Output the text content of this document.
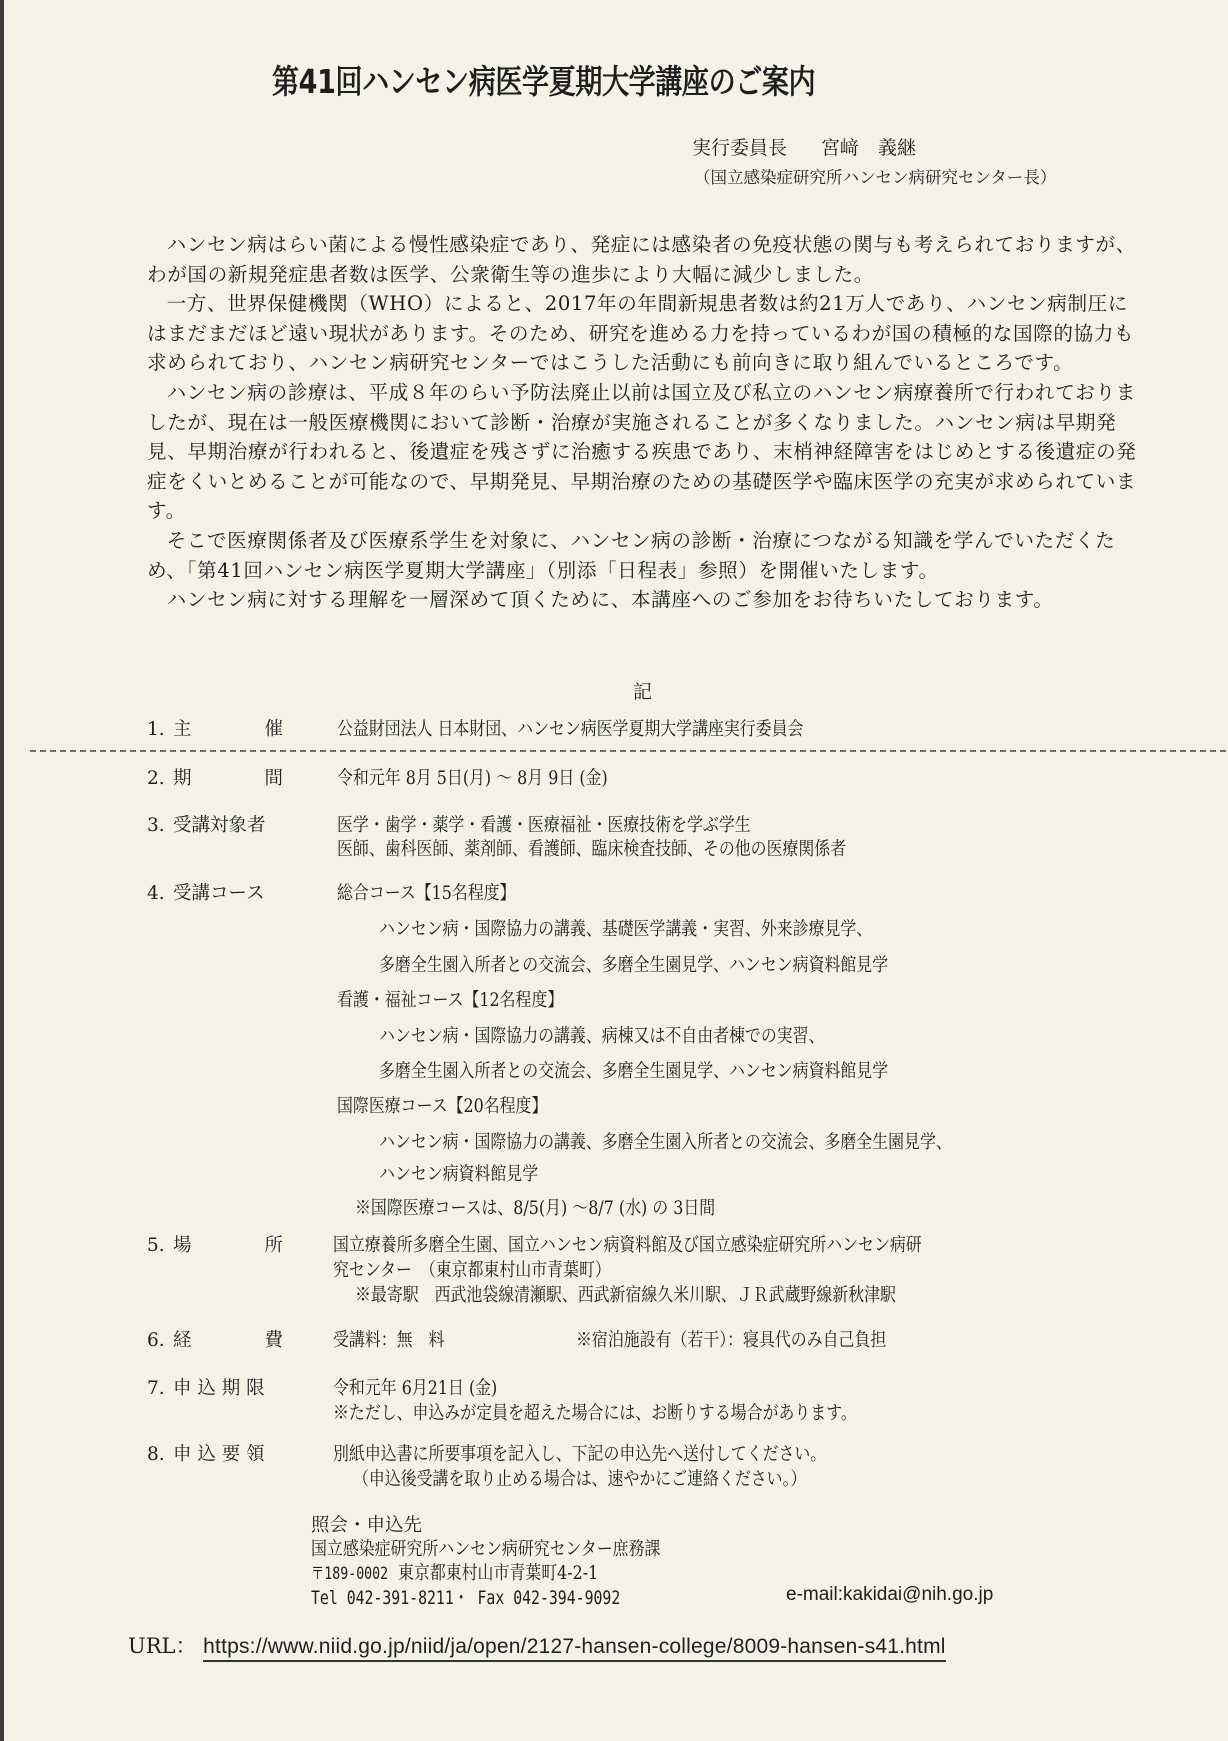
第41回ハンセン病医学夏期大学講座のご案内
実行委員長 宮﨑　義継
（国立感染症研究所ハンセン病研究センター長）

ハンセン病はらい菌による慢性感染症であり、発症には感染者の免疫状態の関与も考えられておりますが、わが国の新規発症患者数は医学、公衆衛生等の進歩により大幅に減少しました。

一方、世界保健機関（WHO）によると、2017年の年間新規患者数は約21万人であり、ハンセン病制圧にはまだまだほど遠い現状があります。そのため、研究を進める力を持っているわが国の積極的な国際的協力も求められており、ハンセン病研究センターではこうした活動にも前向きに取り組んでいるところです。

ハンセン病の診療は、平成８年のらい予防法廃止以前は国立及び私立のハンセン病療養所で行われておりましたが、現在は一般医療機関において診断・治療が実施されることが多くなりました。ハンセン病は早期発見、早期治療が行われると、後遺症を残さずに治癒する疾患であり、末梢神経障害をはじめとする後遺症の発症をくいとめることが可能なので、早期発見、早期治療のための基礎医学や臨床医学の充実が求められています。

そこで医療関係者及び医療系学生を対象に、ハンセン病の診断・治療につながる知識を学んでいただくため、「第41回ハンセン病医学夏期大学講座」（別添「日程表」参照）を開催いたします。

ハンセン病に対する理解を一層深めて頂くために、本講座へのご参加をお待ちいたしております。

記
1. 主	催	公益財団法人 日本財団、ハンセン病医学夏期大学講座実行委員会
2. 期	間	令和元年 8月 5日(月) ～ 8月 9日 (金)
3. 受講対象者	医学・歯学・薬学・看護・医療福祉・医療技術を学ぶ学生
医師、歯科医師、薬剤師、看護師、臨床検査技師、その他の医療関係者
4. 受講コース	総合コース【15名程度】
ハンセン病・国際協力の講義、基礎医学講義・実習、外来診療見学、
多磨全生園入所者との交流会、多磨全生園見学、ハンセン病資料館見学
看護・福祉コース【12名程度】
ハンセン病・国際協力の講義、病棟又は不自由者棟での実習、
多磨全生園入所者との交流会、多磨全生園見学、ハンセン病資料館見学
国際医療コース【20名程度】
ハンセン病・国際協力の講義、多磨全生園入所者との交流会、多磨全生園見学、
ハンセン病資料館見学
※国際医療コースは、8/5(月) ～8/7 (水) の 3日間
5. 場	所	国立療養所多磨全生園、国立ハンセン病資料館及び国立感染症研究所ハンセン病研
究センター　（東京都東村山市青葉町）
※最寄駅　西武池袋線清瀬駅、西武新宿線久米川駅、ＪＲ武蔵野線新秋津駅
6. 経	費	受講料：無　料	※宿泊施設有（若干）：寝具代のみ自己負担
7. 申 込 期 限	令和元年 6月21日 (金)
※ただし、申込みが定員を超えた場合には、お断りする場合があります。
8. 申 込 要 領	別紙申込書に所要事項を記入し、下記の申込先へ送付してください。
（申込後受講を取り止める場合は、速やかにご連絡ください。）
照会・申込先
国立感染症研究所ハンセン病研究センター庶務課
〒189-0002 東京都東村山市青葉町4-2-1
Tel 042-391-8211・ Fax 042-394-9092	e-mail:kakidai@nih.go.jp
URL： https://www.niid.go.jp/niid/ja/open/2127-hansen-college/8009-hansen-s41.html
